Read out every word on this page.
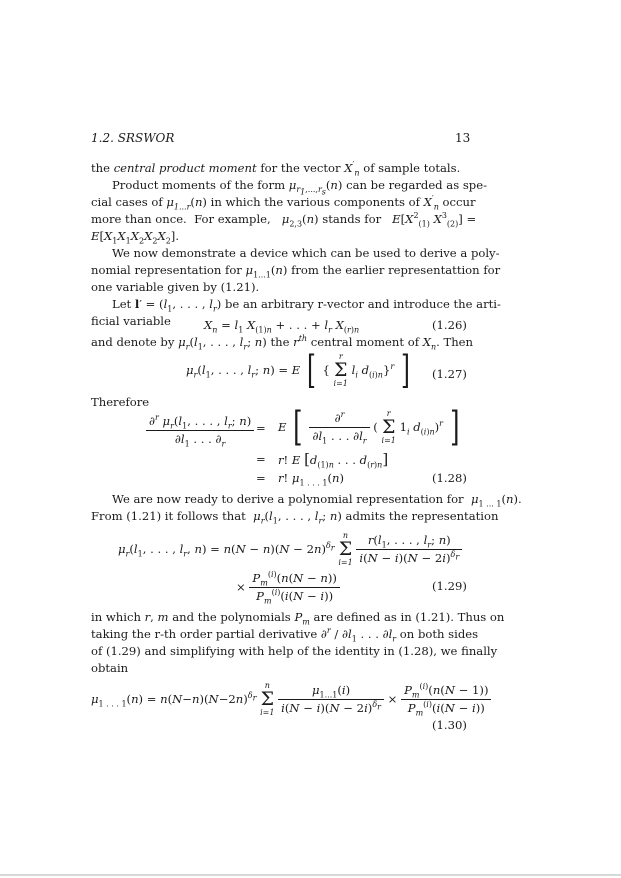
1.2. SRSWOR	13
the central product moment for the vector $X'_n$ of sample totals.
Product moments of the form $\mu_{r_1,...,r_s}(n)$ can be regarded as spe-
cial cases of $\mu_{1...r}(n)$ in which the various components of $X'_n$ occur
more than once.  For example,   $\mu_{2,3}(n)$ stands for   $E[X^2_{(1)}$ $X^3_{(2)}$] =
$E[X_1X_1X_2X_2X_2]$.
We now demonstrate a device which can be used to derive a poly-
nomial representation for $\mu_{1...1}(n)$ from the earlier representattion for
one variable given by (1.21).
Let $l' = (l_1$, . . . , $l_r$) be an arbitrary r-vector and introduce the arti-
ficial variable	$X_n = l_1$ $X_{(1)n}$ + . . . + $l_r$ $X_{(r)n}$	(1.26)
and denote by $\mu_r(l_1$, . . . , $l_r$; n) the $r^{th}$ central moment of $X_n$. Then
$\mu_r(l_1$, . . . , $l_r$; n) = E [ {
r
Σ
i=1
$l_i$ $d_{(i)n}\}^r$ ] (1.27)
Therefore
$\frac{\partial^r \mu_r(l_1, . . . , l_r; n)}{\partial l_1 . . . \partial_r} = E$ [ $\frac{\partial^r}{\partial l_1 . . . \partial l_r}$ (
r
Σ
i=1
$1_i$ $d_{(i)n})^r$ ]
= r! E [$d_{(1)n}$ . . . $d_{(r)n}$]
= r! $\mu_{1 . . . 1}(n)$	(1.28)
We are now ready to derive a polynomial representation for  $\mu_{1 ... 1}(n)$.
From (1.21) it follows that  $\mu_r(l_1$, . . . , $l_r$; n) admits the representation
$\mu_r(l_1$, . . . , $l_r$, $n) = n(N - n)(N - 2n)^{\delta_r}$
n
Σ
i=1
$\frac{r(l_1, . . . , l_r; n)}{i(N - i)(N - 2i)^{\delta_r}}$
× $\frac{P_m^{(i)}(n(N - n))}{P_m^{(i)}(i(N - i))}$	(1.29)
in which r, m and the polynomials $P_m$ are defined as in (1.21). Thus on
taking the r-th order partial derivative $\partial^r / \partial l_1$ . . . $\partial l_r$ on both sides
of (1.29) and simplifying with help of the identity in (1.28), we finally
obtain
$\mu_{1 . . . 1}(n) = n(N-n)(N-2n)^{\delta_r}$
n
Σ
i=1
$\frac{\mu_{1...1}(i)}{i(N - i)(N - 2i)^{\delta_r}} \times \frac{P_m^{(i)}(n(N - 1))}{P_m^{(i)}(i(N - i))}$
(1.30)
